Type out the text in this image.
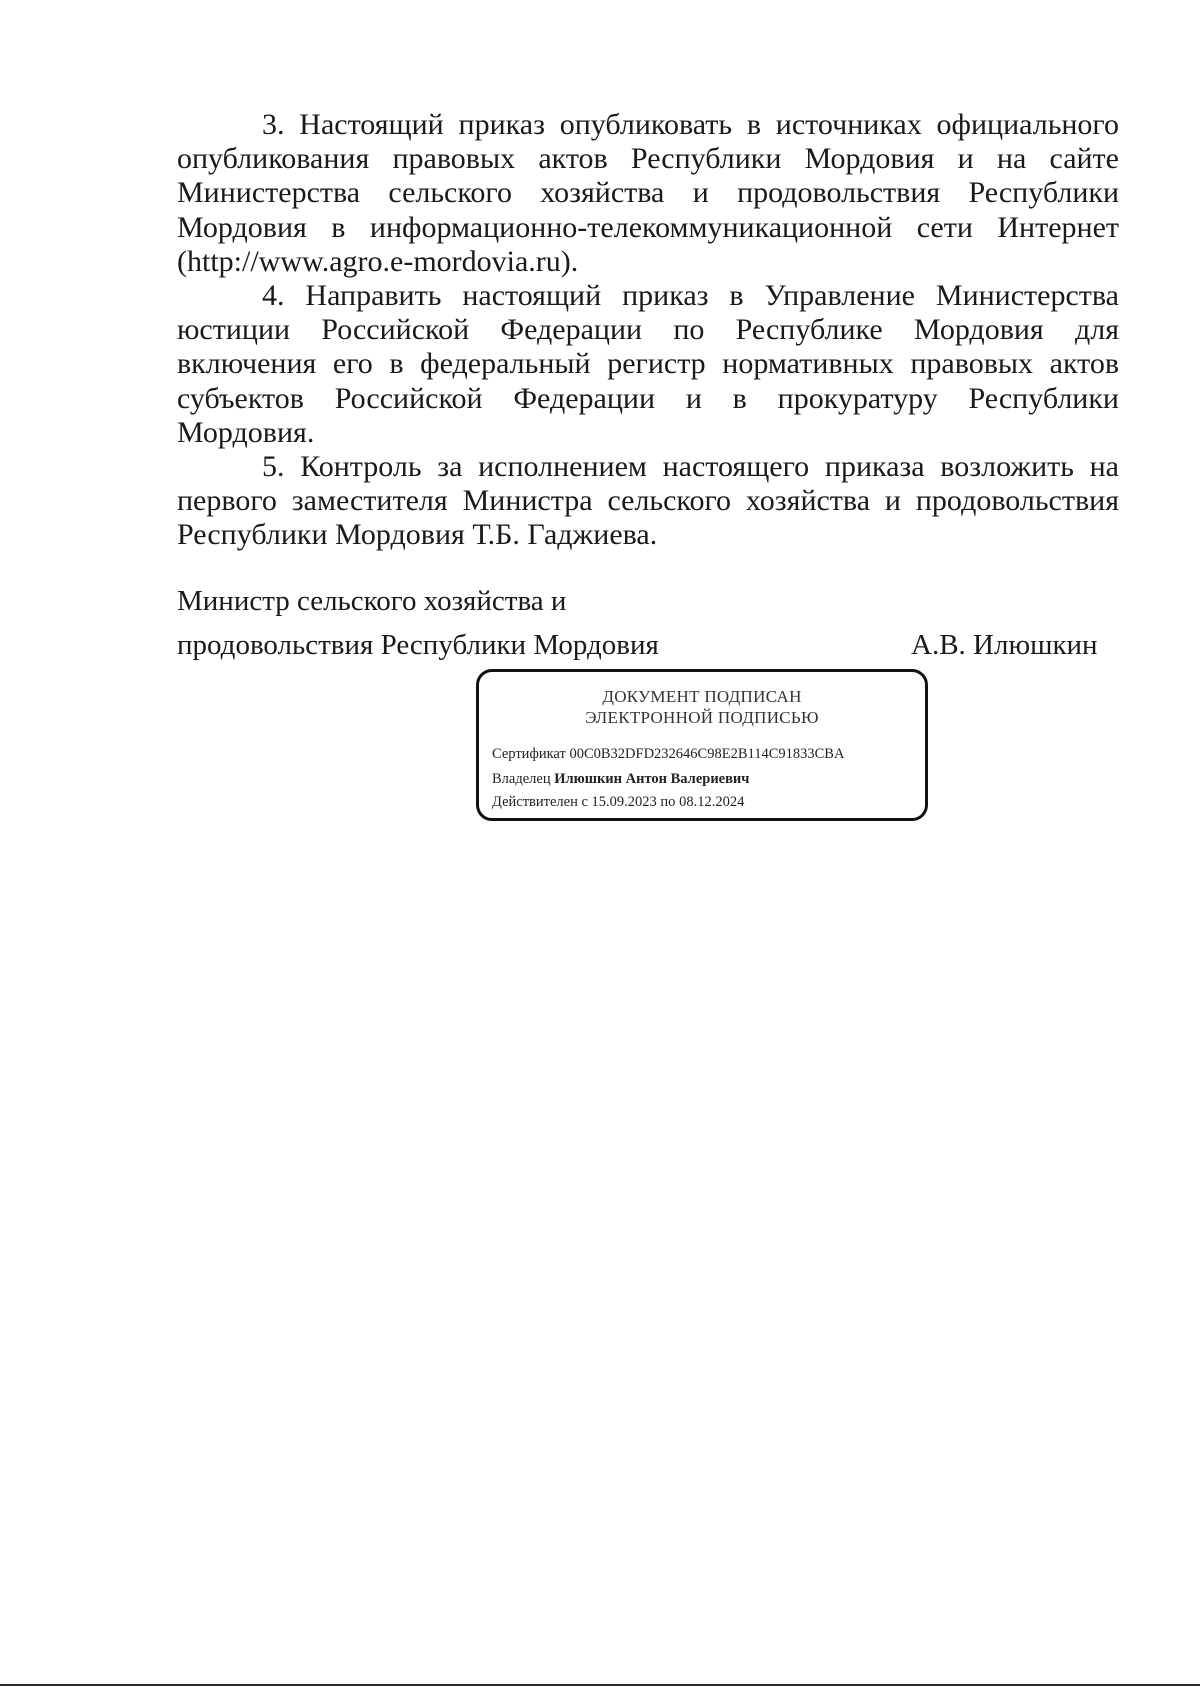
3. Настоящий приказ опубликовать в источниках официального опубликования правовых актов Республики Мордовия и на сайте Министерства сельского хозяйства и продовольствия Республики Мордовия в информационно-телекоммуникационной сети Интернет (http://www.agro.e-mordovia.ru).

4. Направить настоящий приказ в Управление Министерства юстиции Российской Федерации по Республике Мордовия для включения его в федеральный регистр нормативных правовых актов субъектов Российской Федерации и в прокуратуру Республики Мордовия.

5. Контроль за исполнением настоящего приказа возложить на первого заместителя Министра сельского хозяйства и продовольствия Республики Мордовия Т.Б. Гаджиева.

Министр сельского хозяйства и
продовольствия Республики Мордовия	А.В. Илюшкин
ДОКУМЕНТ ПОДПИСАН
ЭЛЕКТРОННОЙ ПОДПИСЬЮ
Сертификат 00C0B32DFD232646C98E2B114C91833CBA
Владелец Илюшкин Антон Валериевич
Действителен с 15.09.2023 по 08.12.2024
